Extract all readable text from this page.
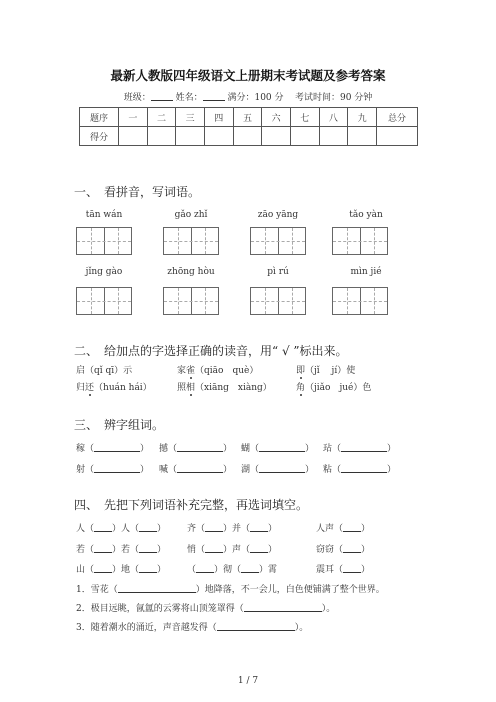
最新人教版四年级语文上册期末考试题及参考答案
班级：	姓名：	满分：100 分 考试时间：90 分钟
题序	一	二	三	四	五	六	七	八	九	总分
得分										
一、　看拼音，写词语。
tān wán	gǎo zhǐ	zāo yāng	tǎo yàn
jǐng gào	zhōng hòu	pì rú	mìn jié
二、　给加点的字选择正确的读音，用“ √ ”标出来。
启（qǐ qī）示	家雀（qiāo　què）	即（jǐ　 jí）使
归还（huán hái）	照相（xiāng　xiàng）	角（jiǎo　jué）色
三、　辨字组词。
稼（	） 撼（	） 蝴（	） 玷（	）
射（	） 喊（	） 湖（	） 粘（	）
四、　先把下列词语补充完整，再选词填空。
人（ ）人（ ） 齐（ ）并（ ）	人声（ ）
若（ ）若（ ） 悄（ ）声（ ）	窃窃（ ）
山（ ）地（ ） （ ）彻（ ）霄	震耳（ ）
1．雪花（	）地降落，不一会儿，白色便铺满了整个世界。
2．极目远眺，氤氲的云雾将山顶笼罩得（	）。
3．随着潮水的涌近，声音越发得（	）。
1 / 7
